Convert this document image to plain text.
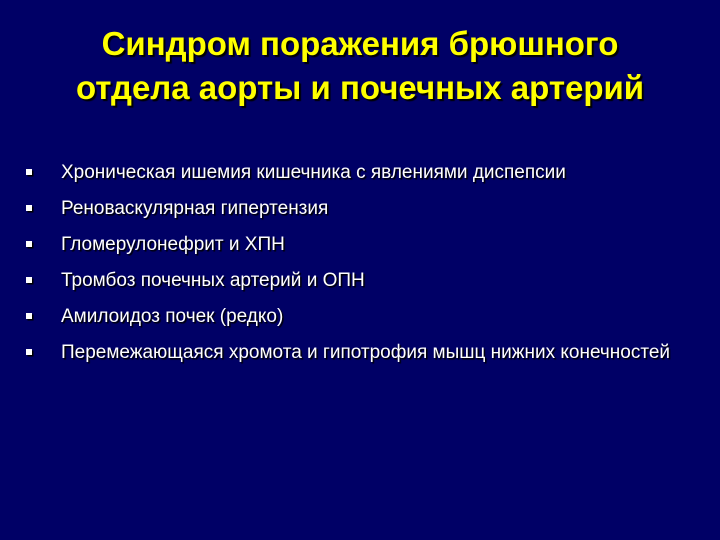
Синдром поражения брюшного
отдела аорты и почечных артерий
Хроническая ишемия кишечника с явлениями диспепсии
Реноваскулярная гипертензия
Гломерулонефрит и ХПН
Тромбоз почечных артерий и ОПН
Амилоидоз почек (редко)
Перемежающаяся хромота и гипотрофия мышц нижних конечностей
